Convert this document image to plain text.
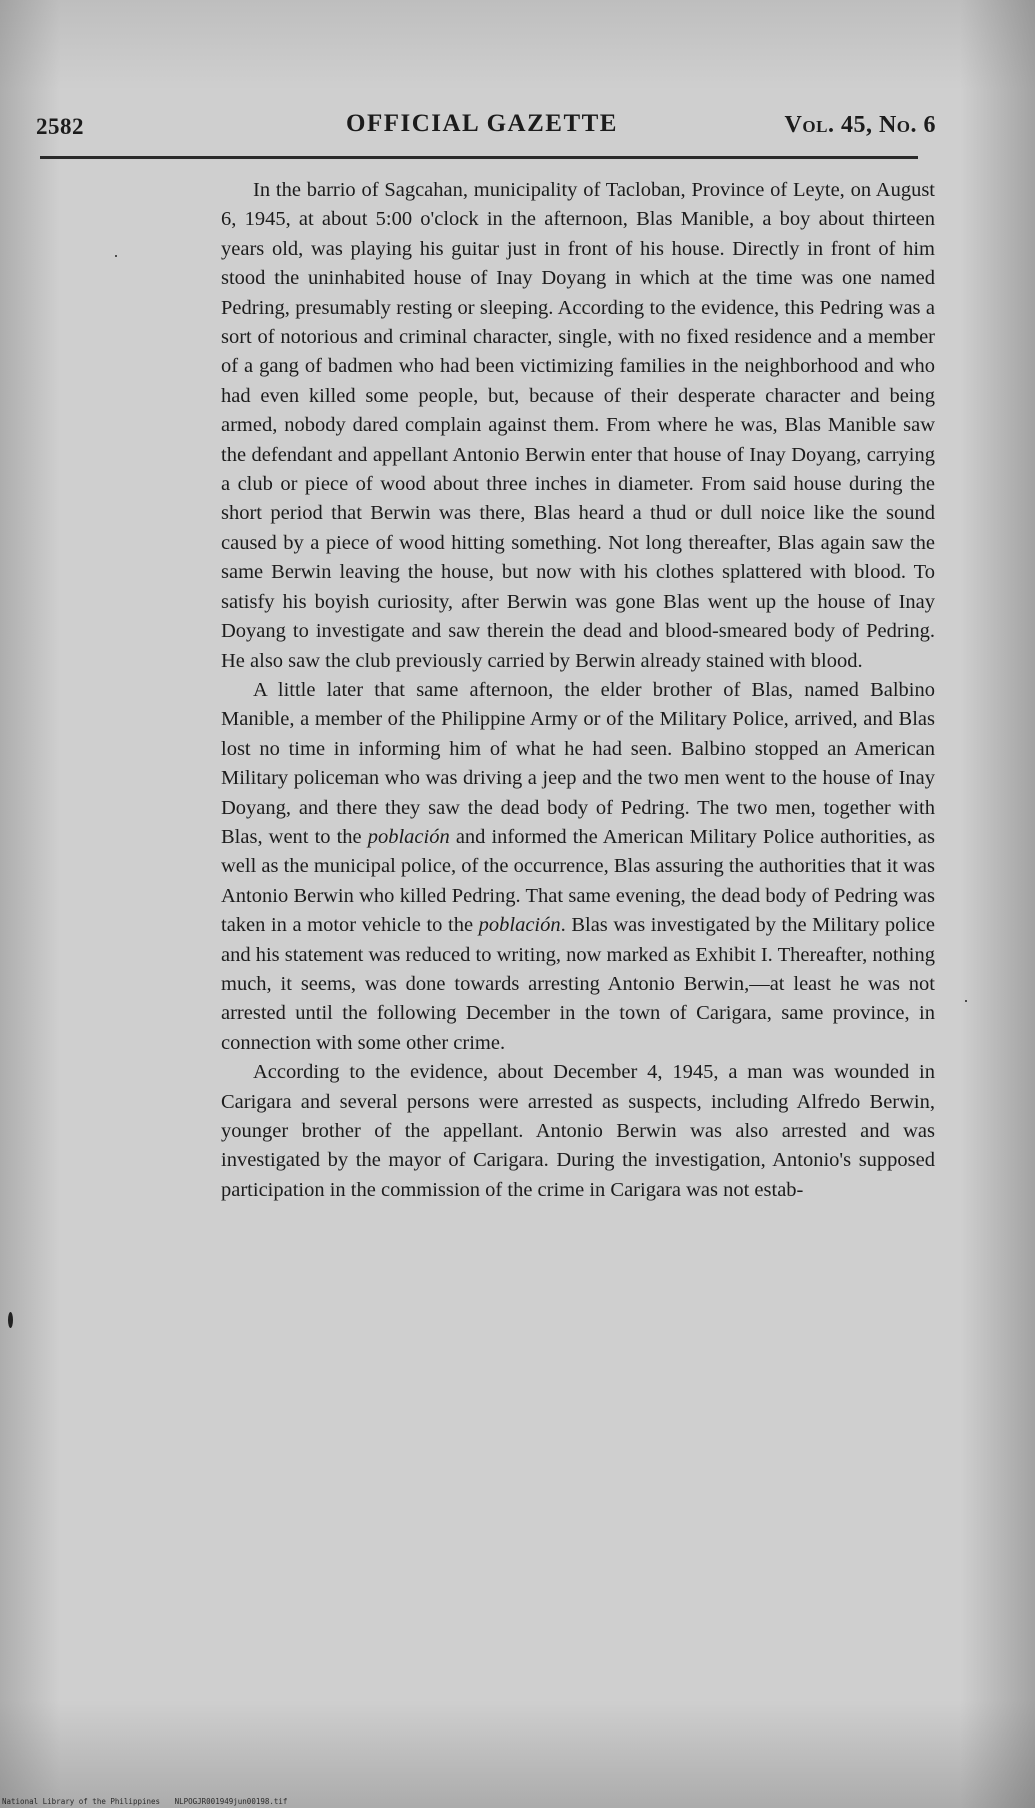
2582	OFFICIAL GAZETTE	Vol. 45, No. 6

In the barrio of Sagcahan, municipality of Tacloban, Province of Leyte, on August 6, 1945, at about 5:00 o'clock in the afternoon, Blas Manible, a boy about thirteen years old, was playing his guitar just in front of his house. Directly in front of him stood the uninhabited house of Inay Doyang in which at the time was one named Pedring, presumably resting or sleeping. According to the evidence, this Pedring was a sort of notorious and criminal character, single, with no fixed residence and a member of a gang of badmen who had been victimizing families in the neighborhood and who had even killed some people, but, because of their desperate character and being armed, nobody dared complain against them. From where he was, Blas Manible saw the defendant and appellant Antonio Berwin enter that house of Inay Doyang, carrying a club or piece of wood about three inches in diameter. From said house during the short period that Berwin was there, Blas heard a thud or dull noice like the sound caused by a piece of wood hitting something. Not long thereafter, Blas again saw the same Berwin leaving the house, but now with his clothes splattered with blood. To satisfy his boyish curiosity, after Berwin was gone Blas went up the house of Inay Doyang to investigate and saw therein the dead and blood-smeared body of Pedring. He also saw the club previously carried by Berwin already stained with blood.

A little later that same afternoon, the elder brother of Blas, named Balbino Manible, a member of the Philippine Army or of the Military Police, arrived, and Blas lost no time in informing him of what he had seen. Balbino stopped an American Military policeman who was driving a jeep and the two men went to the house of Inay Doyang, and there they saw the dead body of Pedring. The two men, together with Blas, went to the población and informed the American Military Police authorities, as well as the municipal police, of the occurrence, Blas assuring the authorities that it was Antonio Berwin who killed Pedring. That same evening, the dead body of Pedring was taken in a motor vehicle to the población. Blas was investigated by the Military police and his statement was reduced to writing, now marked as Exhibit I. Thereafter, nothing much, it seems, was done towards arresting Antonio Berwin,—at least he was not arrested until the following December in the town of Carigara, same province, in connection with some other crime.

According to the evidence, about December 4, 1945, a man was wounded in Carigara and several persons were arrested as suspects, including Alfredo Berwin, younger brother of the appellant. Antonio Berwin was also arrested and was investigated by the mayor of Carigara. During the investigation, Antonio's supposed participation in the commission of the crime in Carigara was not estab-

National Library of the Philippines NLPOGJR001949jun00198.tif
